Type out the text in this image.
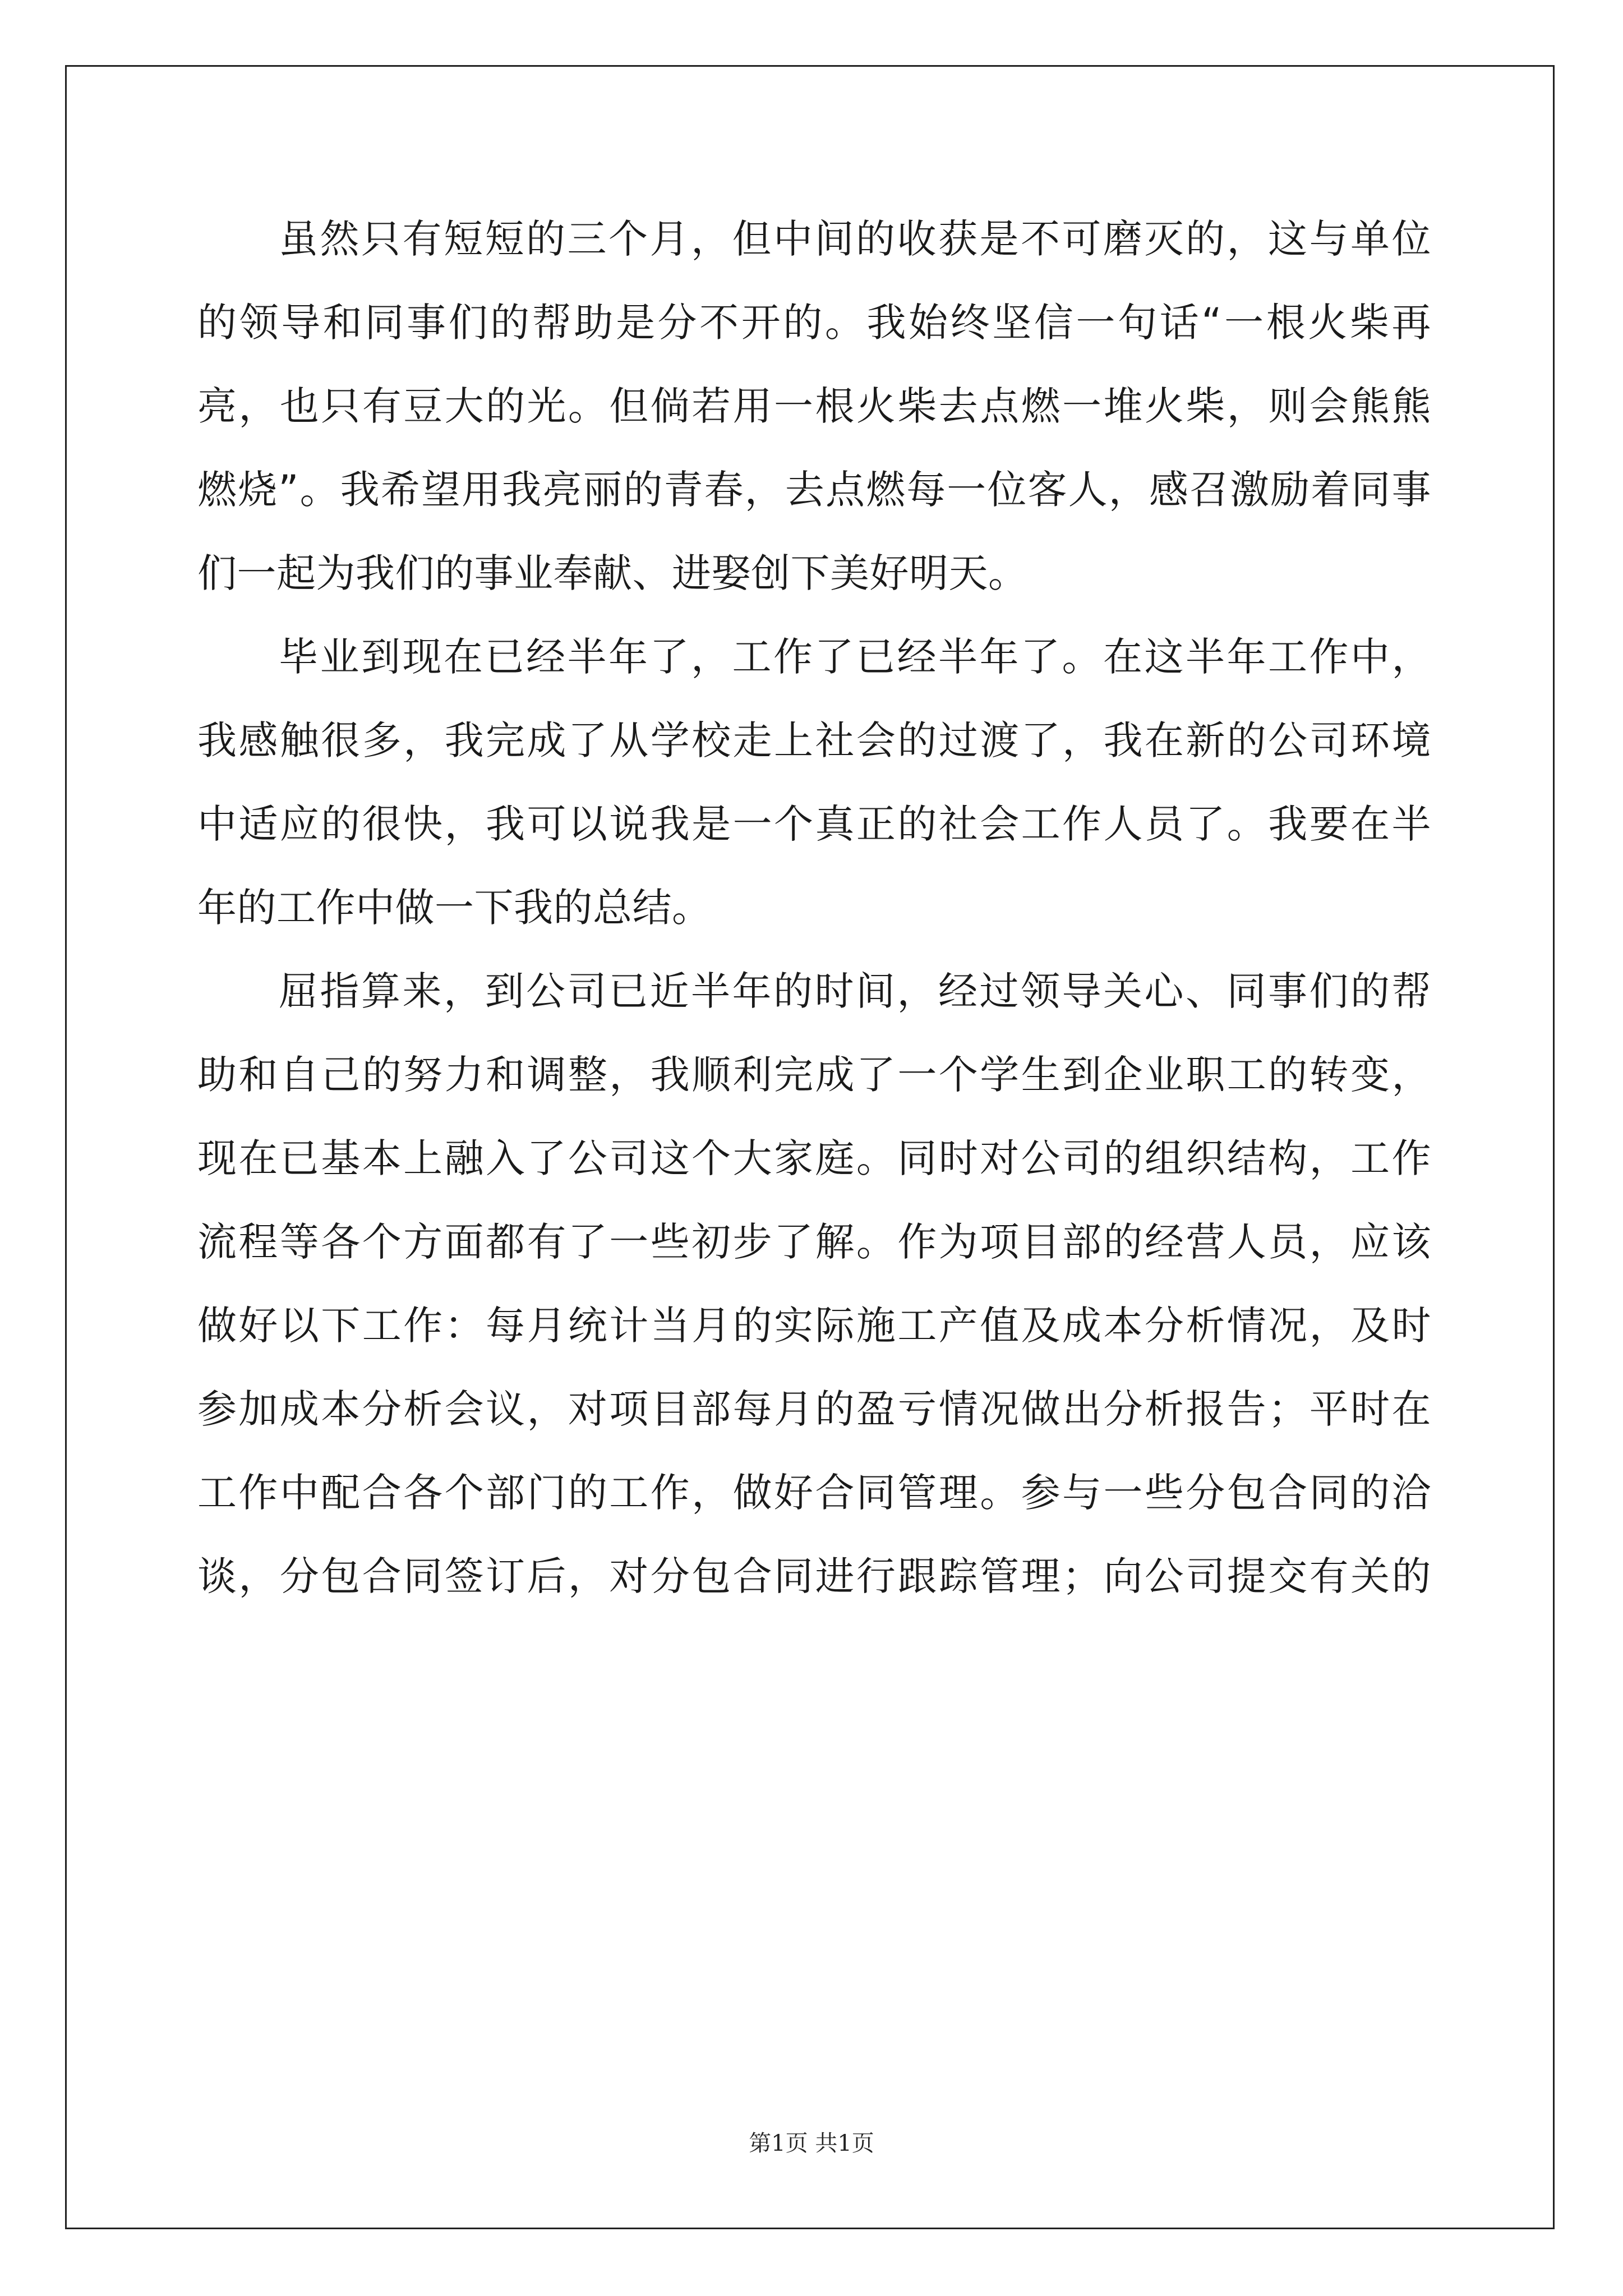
虽然只有短短的三个月，但中间的收获是不可磨灭的，这与单位
的领导和同事们的帮助是分不开的。我始终坚信一句话“一根火柴再
亮，也只有豆大的光。但倘若用一根火柴去点燃一堆火柴，则会熊熊
燃烧”。我希望用我亮丽的青春，去点燃每一位客人，感召激励着同事
们一起为我们的事业奉献、进娶创下美好明天。

毕业到现在已经半年了，工作了已经半年了。在这半年工作中，
我感触很多，我完成了从学校走上社会的过渡了，我在新的公司环境
中适应的很快，我可以说我是一个真正的社会工作人员了。我要在半
年的工作中做一下我的总结。

屈指算来，到公司已近半年的时间，经过领导关心、同事们的帮
助和自己的努力和调整，我顺利完成了一个学生到企业职工的转变，
现在已基本上融入了公司这个大家庭。同时对公司的组织结构，工作
流程等各个方面都有了一些初步了解。作为项目部的经营人员，应该
做好以下工作：每月统计当月的实际施工产值及成本分析情况，及时
参加成本分析会议，对项目部每月的盈亏情况做出分析报告；平时在
工作中配合各个部门的工作，做好合同管理。参与一些分包合同的洽
谈，分包合同签订后，对分包合同进行跟踪管理；向公司提交有关的

第1页 共1页
